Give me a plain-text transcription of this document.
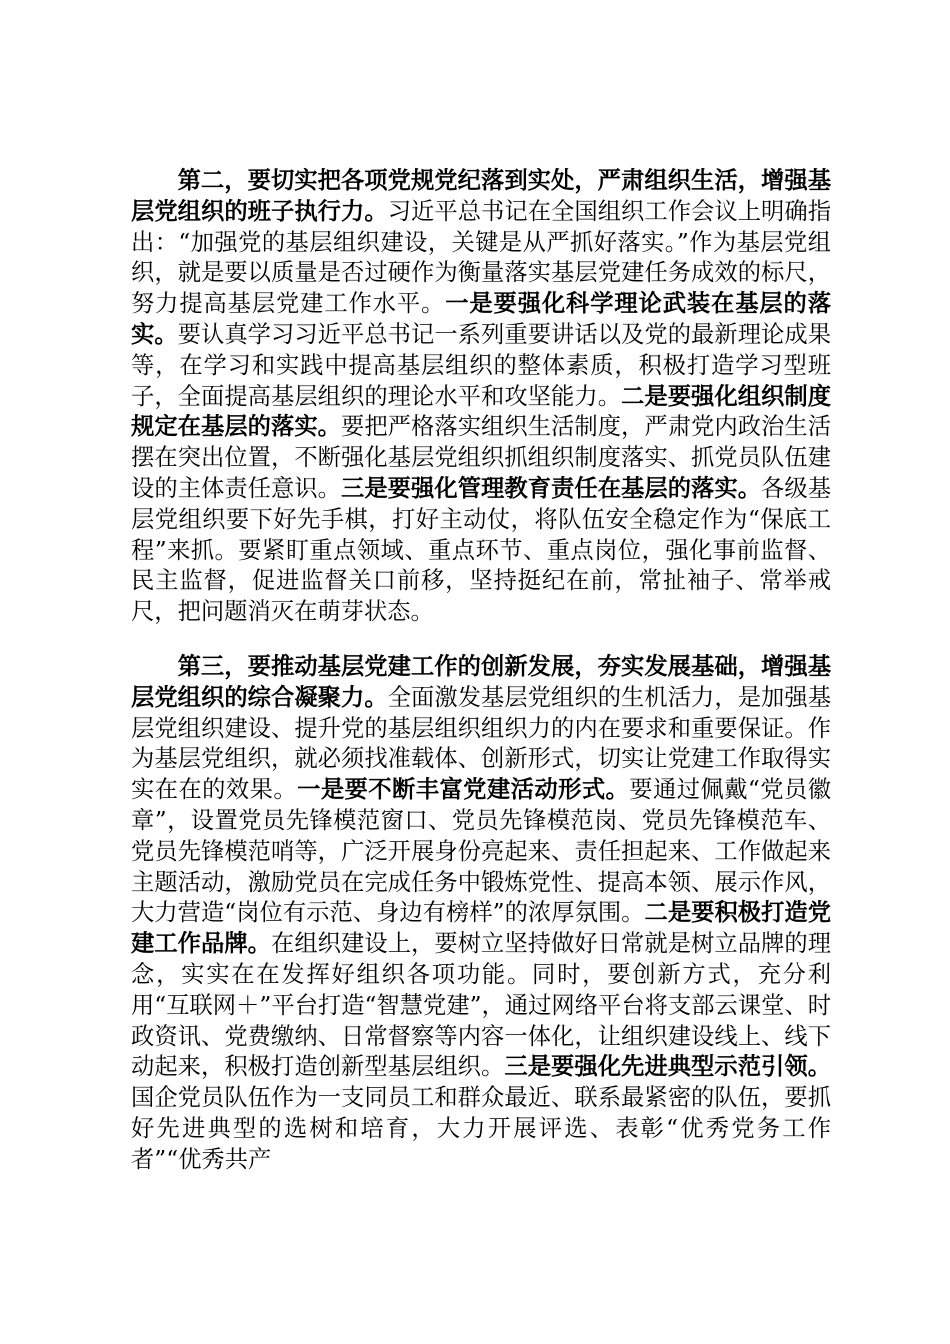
第二，要切实把各项党规党纪落到实处，严肃组织生活，增强基层党组织的班子执行力。习近平总书记在全国组织工作会议上明确指出：“加强党的基层组织建设，关键是从严抓好落实。”作为基层党组织，就是要以质量是否过硬作为衡量落实基层党建任务成效的标尺，努力提高基层党建工作水平。一是要强化科学理论武装在基层的落实。要认真学习习近平总书记一系列重要讲话以及党的最新理论成果等，在学习和实践中提高基层组织的整体素质，积极打造学习型班子，全面提高基层组织的理论水平和攻坚能力。二是要强化组织制度规定在基层的落实。要把严格落实组织生活制度，严肃党内政治生活摆在突出位置，不断强化基层党组织抓组织制度落实、抓党员队伍建设的主体责任意识。三是要强化管理教育责任在基层的落实。各级基层党组织要下好先手棋，打好主动仗，将队伍安全稳定作为“保底工程”来抓。要紧盯重点领域、重点环节、重点岗位，强化事前监督、民主监督，促进监督关口前移，坚持挺纪在前，常扯袖子、常举戒尺，把问题消灭在萌芽状态。

第三，要推动基层党建工作的创新发展，夯实发展基础，增强基层党组织的综合凝聚力。全面激发基层党组织的生机活力，是加强基层党组织建设、提升党的基层组织组织力的内在要求和重要保证。作为基层党组织，就必须找准载体、创新形式，切实让党建工作取得实实在在的效果。一是要不断丰富党建活动形式。要通过佩戴“党员徽章”，设置党员先锋模范窗口、党员先锋模范岗、党员先锋模范车、党员先锋模范哨等，广泛开展身份亮起来、责任担起来、工作做起来主题活动，激励党员在完成任务中锻炼党性、提高本领、展示作风，大力营造“岗位有示范、身边有榜样”的浓厚氛围。二是要积极打造党建工作品牌。在组织建设上，要树立坚持做好日常就是树立品牌的理念，实实在在发挥好组织各项功能。同时，要创新方式，充分利用“互联网＋”平台打造“智慧党建”，通过网络平台将支部云课堂、时政资讯、党费缴纳、日常督察等内容一体化，让组织建设线上、线下动起来，积极打造创新型基层组织。三是要强化先进典型示范引领。国企党员队伍作为一支同员工和群众最近、联系最紧密的队伍，要抓好先进典型的选树和培育，大力开展评选、表彰“优秀党务工作者”“优秀共产
